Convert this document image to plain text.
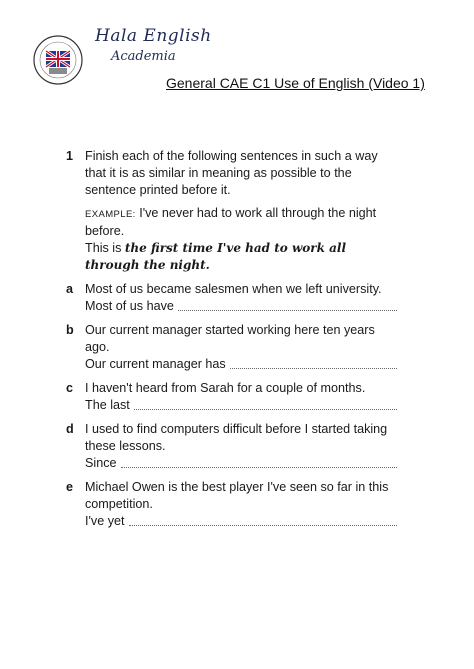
Hala English
Academia
General CAE C1 Use of English (Video 1)
1 Finish each of the following sentences in such a way that it is as similar in meaning as possible to the sentence printed before it.
EXAMPLE: I've never had to work all through the night before.
This is the first time I've had to work all through the night.
a Most of us became salesmen when we left university.
Most of us have
b Our current manager started working here ten years ago.
Our current manager has
c I haven't heard from Sarah for a couple of months.
The last
d I used to find computers difficult before I started taking these lessons.
Since
e Michael Owen is the best player I've seen so far in this competition.
I've yet
